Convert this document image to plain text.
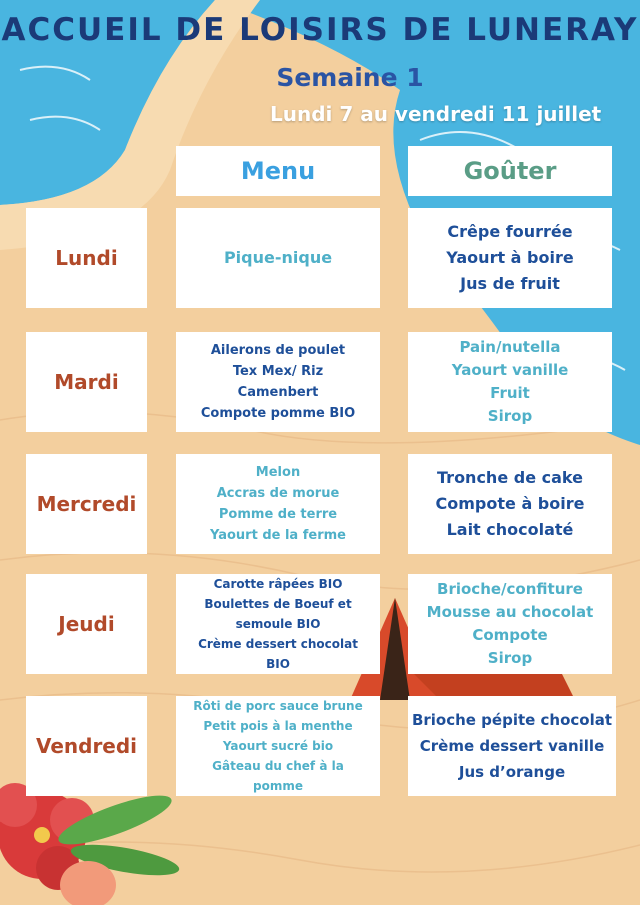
ACCUEIL DE LOISIRS DE LUNERAY
Semaine 1
Lundi 7 au vendredi 11 juillet
Menu	Goûter
Lundi	Pique-nique
Crêpe fourrée
Yaourt à boire
Jus de fruit
Mardi
Ailerons de poulet
Tex Mex/ Riz
Camenbert
Compote pomme BIO
Pain/nutella
Yaourt vanille
Fruit
Sirop
Mercredi
Melon
Accras de morue
Pomme de terre
Yaourt de la ferme
Tronche de cake
Compote à boire
Lait chocolaté
Jeudi
Carotte râpées BIO
Boulettes de Boeuf et
semoule BIO
Crème dessert chocolat
BIO
Brioche/confiture
Mousse au chocolat
Compote
Sirop
Vendredi
Rôti de porc sauce brune
Petit pois à la menthe
Yaourt sucré bio
Gâteau du chef à la
pomme
Brioche pépite chocolat
Crème dessert vanille
Jus d’orange
